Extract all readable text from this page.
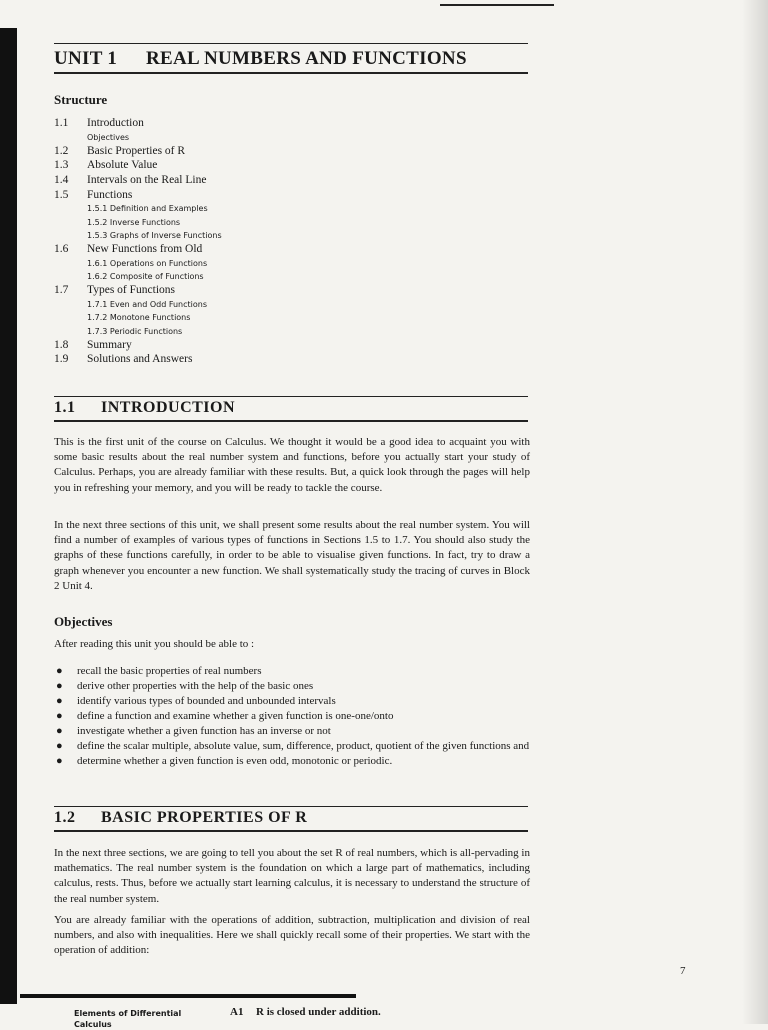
UNIT 1 REAL NUMBERS AND FUNCTIONS
Structure
1.1	Introduction
Objectives
1.2	Basic Properties of R
1.3	Absolute Value
1.4	Intervals on the Real Line
1.5	Functions
1.5.1 Definition and Examples
1.5.2 Inverse Functions
1.5.3 Graphs of Inverse Functions
1.6	New Functions from Old
1.6.1 Operations on Functions
1.6.2 Composite of Functions
1.7	Types of Functions
1.7.1 Even and Odd Functions
1.7.2 Monotone Functions
1.7.3 Periodic Functions
1.8	Summary
1.9	Solutions and Answers
1.1 INTRODUCTION

This is the first unit of the course on Calculus. We thought it would be a good idea to acquaint you with some basic results about the real number system and functions, before you actually start your study of Calculus. Perhaps, you are already familiar with these results. But, a quick look through the pages will help you in refreshing your memory, and you will be ready to tackle the course.

In the next three sections of this unit, we shall present some results about the real number system. You will find a number of examples of various types of functions in Sections 1.5 to 1.7. You should also study the graphs of these functions carefully, in order to be able to visualise given functions. In fact, try to draw a graph whenever you encounter a new function. We shall systematically study the tracing of curves in Block 2 Unit 4.

Objectives

After reading this unit you should be able to :

● recall the basic properties of real numbers
● derive other properties with the help of the basic ones
● identify various types of bounded and unbounded intervals
● define a function and examine whether a given function is one-one/onto
● investigate whether a given function has an inverse or not
● define the scalar multiple, absolute value, sum, difference, product, quotient of the given functions and
● determine whether a given function is even odd, monotonic or periodic.
1.2 BASIC PROPERTIES OF R

In the next three sections, we are going to tell you about the set R of real numbers, which is all-pervading in mathematics. The real number system is the foundation on which a large part of mathematics, including calculus, rests. Thus, before we actually start learning calculus, it is necessary to understand the structure of the real number system.

You are already familiar with the operations of addition, subtraction, multiplication and division of real numbers, and also with inequalities. Here we shall quickly recall some of their properties. We start with the operation of addition:

7
Elements of Differential
Calculus
A1 R is closed under addition.
